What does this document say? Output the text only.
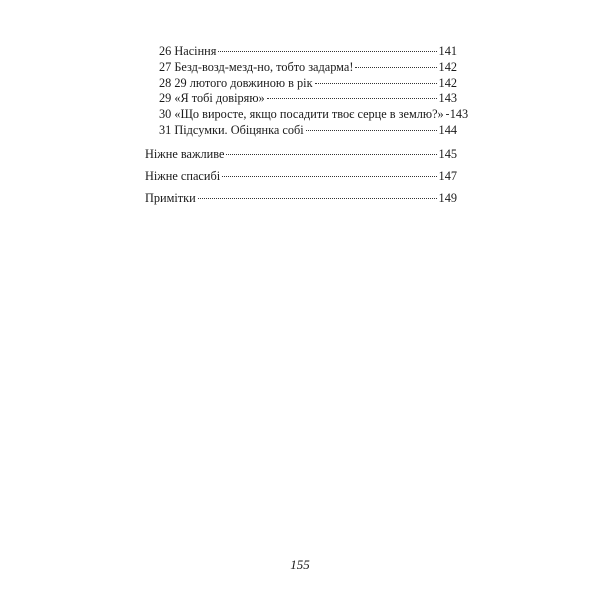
26 Насіння	141
27 Безд-возд-мезд-но, тобто задарма!	142
28 29 лютого довжиною в рік	142
29 «Я тобі довіряю»	143
30 «Що виросте, якщо посадити твоє серце в землю?» 143
31 Підсумки. Обіцянка собі	144
Ніжне важливе	145
Ніжне спасибі	147
Примітки	149
155
